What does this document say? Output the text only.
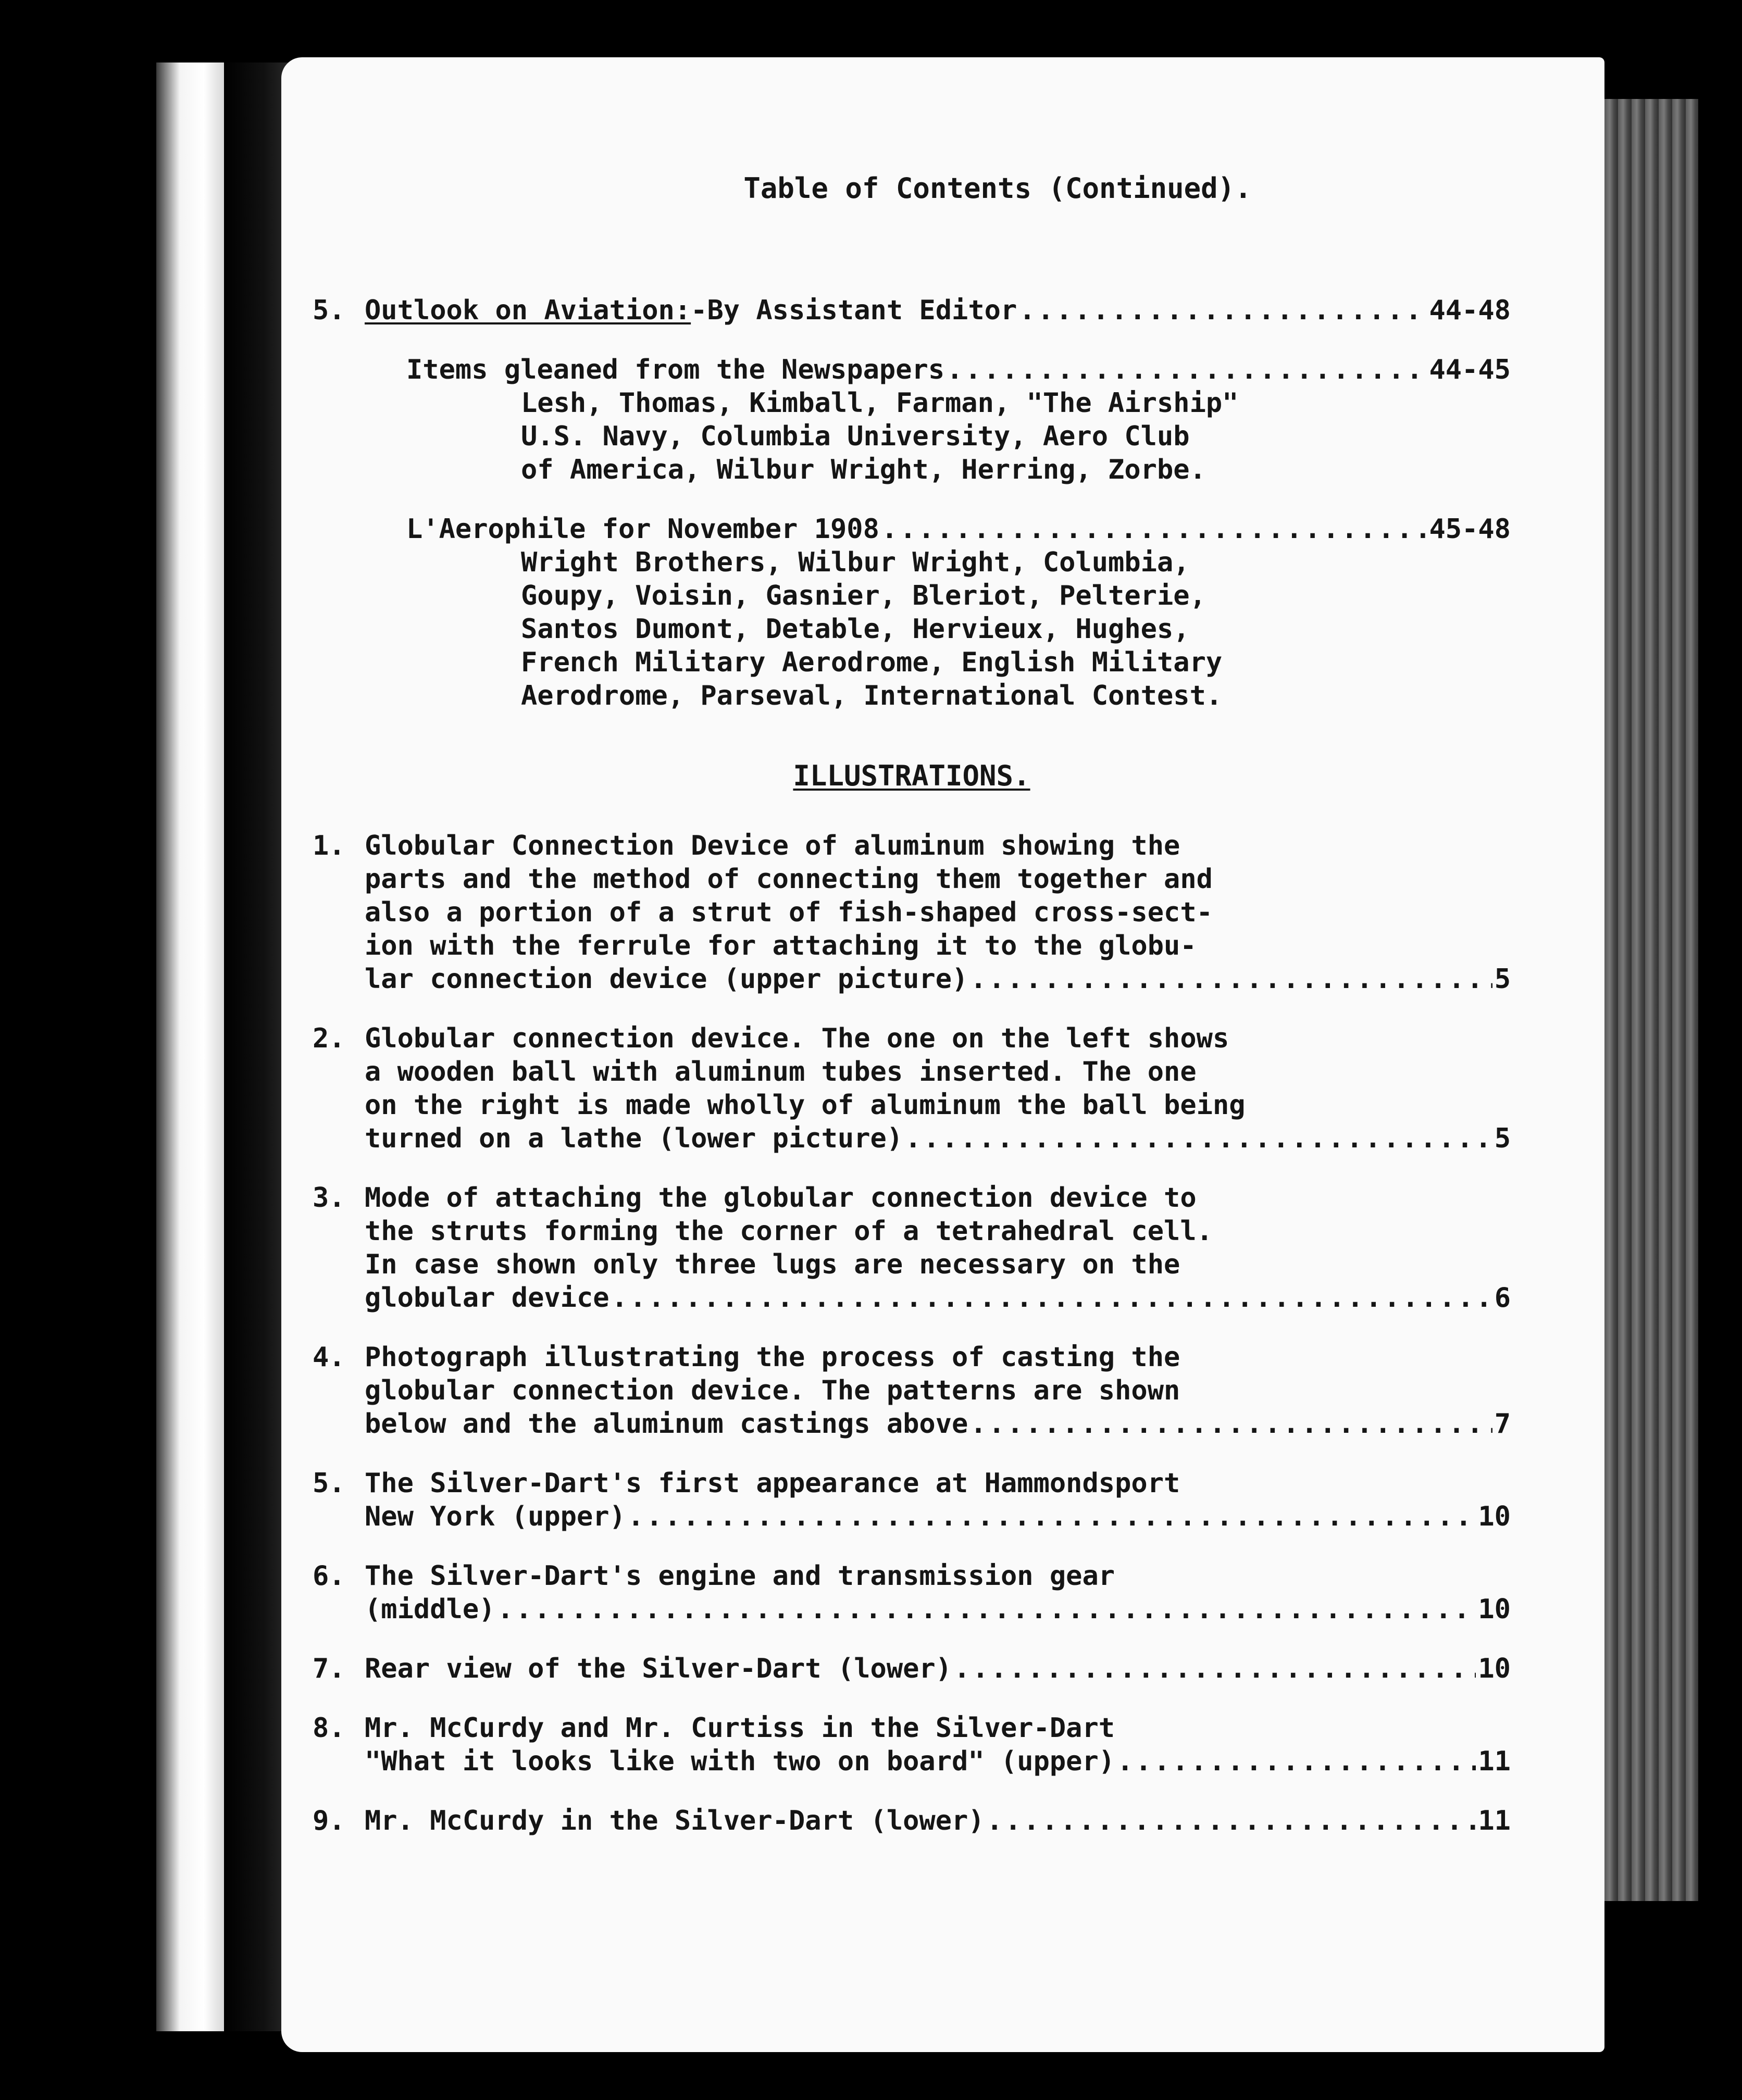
Table of Contents (Continued).
5. Outlook on Aviation: -By Assistant Editor .....	44-48
Items gleaned from the Newspapers .....	44-45
Lesh, Thomas, Kimball, Farman, "The Airship"
U.S. Navy, Columbia University, Aero Club
of America, Wilbur Wright, Herring, Zorbe.
L'Aerophile for November 1908 .....	45-48
Wright Brothers, Wilbur Wright, Columbia,
Goupy, Voisin, Gasnier, Bleriot, Pelterie,
Santos Dumont, Detable, Hervieux, Hughes,
French Military Aerodrome, English Military
Aerodrome, Parseval, International Contest.
ILLUSTRATIONS.
1. Globular Connection Device of aluminum showing the
parts and the method of connecting them together and
also a portion of a strut of fish-shaped cross-sect-
ion with the ferrule for attaching it to the globu-
lar connection device (upper picture) .....	5
2. Globular connection device. The one on the left shows
a wooden ball with aluminum tubes inserted. The one
on the right is made wholly of aluminum the ball being
turned on a lathe (lower picture) .....	5
3. Mode of attaching the globular connection device to
the struts forming the corner of a tetrahedral cell.
In case shown only three lugs are necessary on the
globular device .....	6
4. Photograph illustrating the process of casting the
globular connection device. The patterns are shown
below and the aluminum castings above .....	7
5. The Silver-Dart's first appearance at Hammondsport
New York (upper) .....	10
6. The Silver-Dart's engine and transmission gear
(middle) .....	10
7. Rear view of the Silver-Dart (lower) .....	10
8. Mr. McCurdy and Mr. Curtiss in the Silver-Dart
"What it looks like with two on board" (upper) .....	11
9. Mr. McCurdy in the Silver-Dart (lower) .....	11
